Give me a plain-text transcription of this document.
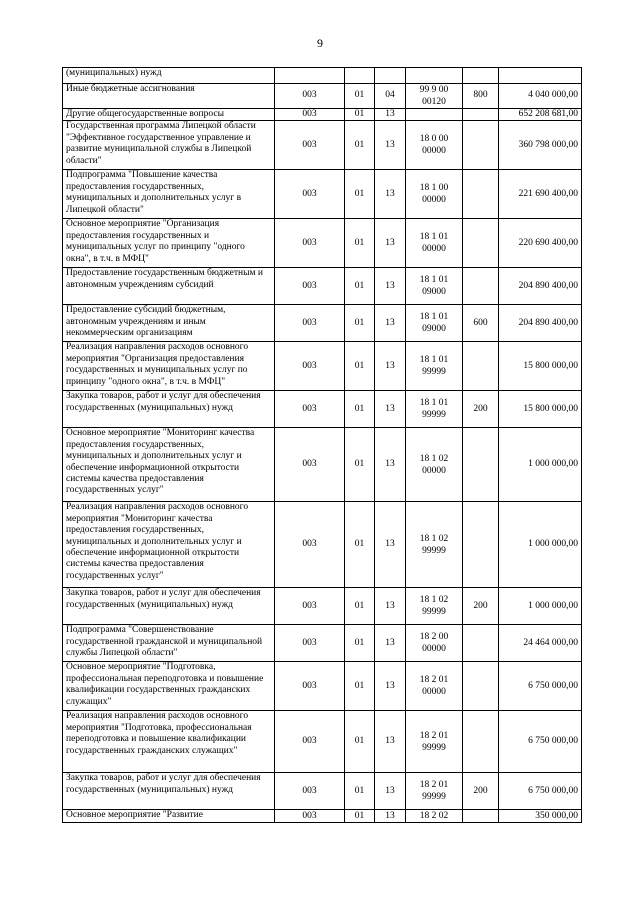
9
(муниципальных) нужд						
Иные бюджетные ассигнования	003	01	04	99 9 00 00120	800	4 040 000,00
Другие общегосударственные вопросы	003	01	13			652 208 681,00
Государственная программа Липецкой области "Эффективное государственное управление и развитие муниципальной службы в Липецкой области"	003	01	13	18 0 00 00000		360 798 000,00
Подпрограмма "Повышение качества предоставления государственных, муниципальных и дополнительных услуг в Липецкой области"	003	01	13	18 1 00 00000		221 690 400,00
Основное мероприятие "Организация предоставления государственных и муниципальных услуг по принципу "одного окна", в т.ч. в МФЦ"	003	01	13	18 1 01 00000		220 690 400,00
Предоставление государственным бюджетным и автономным учреждениям субсидий	003	01	13	18 1 01 09000		204 890 400,00
Предоставление субсидий бюджетным, автономным учреждениям и иным некоммерческим организациям	003	01	13	18 1 01 09000	600	204 890 400,00
Реализация направления расходов основного мероприятия "Организация предоставления государственных и муниципальных услуг по принципу "одного окна", в т.ч. в МФЦ"	003	01	13	18 1 01 99999		15 800 000,00
Закупка товаров, работ и услуг для обеспечения государственных (муниципальных) нужд	003	01	13	18 1 01 99999	200	15 800 000,00
Основное мероприятие "Мониторинг качества предоставления государственных, муниципальных и дополнительных услуг и обеспечение информационной открытости системы качества предоставления государственных услуг"	003	01	13	18 1 02 00000		1 000 000,00
Реализация направления расходов основного мероприятия "Мониторинг качества предоставления государственных, муниципальных и дополнительных услуг и обеспечение информационной открытости системы качества предоставления государственных услуг"	003	01	13	18 1 02 99999		1 000 000,00
Закупка товаров, работ и услуг для обеспечения государственных (муниципальных) нужд	003	01	13	18 1 02 99999	200	1 000 000,00
Подпрограмма "Совершенствование государственной гражданской и муниципальной службы Липецкой области"	003	01	13	18 2 00 00000		24 464 000,00
Основное мероприятие "Подготовка, профессиональная переподготовка и повышение квалификации государственных гражданских служащих"	003	01	13	18 2 01 00000		6 750 000,00
Реализация направления расходов основного мероприятия "Подготовка, профессиональная переподготовка и повышение квалификации государственных гражданских служащих"	003	01	13	18 2 01 99999		6 750 000,00
Закупка товаров, работ и услуг для обеспечения государственных (муниципальных) нужд	003	01	13	18 2 01 99999	200	6 750 000,00
Основное мероприятие "Развитие	003	01	13	18 2 02		350 000,00
